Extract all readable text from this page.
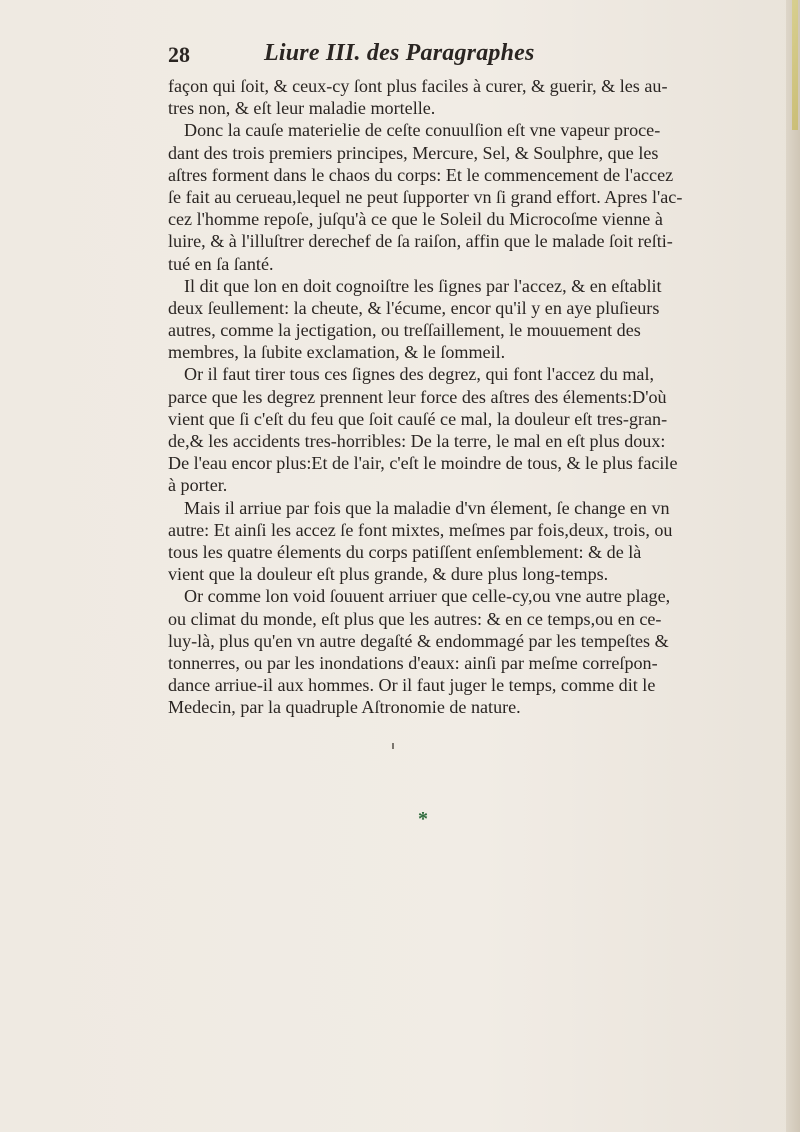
28	Liure III. des Paragraphes
façon qui ſoit, & ceux-cy ſont plus faciles à curer, & guerir, & les au-
tres non, & eſt leur maladie mortelle.
Donc la cauſe materielie de ceſte conuulſion eſt vne vapeur proce-
dant des trois premiers principes, Mercure, Sel, & Soulphre, que les
aſtres forment dans le chaos du corps: Et le commencement de l'accez
ſe fait au cerueau,lequel ne peut ſupporter vn ſi grand effort. Apres l'ac-
cez l'homme repoſe, juſqu'à ce que le Soleil du Microcoſme vienne à
luire, & à l'illuſtrer derechef de ſa raiſon, affin que le malade ſoit reſti-
tué en ſa ſanté.
Il dit que lon en doit cognoiſtre les ſignes par l'accez, & en eſtablit
deux ſeullement: la cheute, & l'écume, encor qu'il y en aye pluſieurs
autres, comme la jectigation, ou treſſaillement, le mouuement des
membres, la ſubite exclamation, & le ſommeil.
Or il faut tirer tous ces ſignes des degrez, qui font l'accez du mal,
parce que les degrez prennent leur force des aſtres des élements:D'où
vient que ſi c'eſt du feu que ſoit cauſé ce mal, la douleur eſt tres-gran-
de,& les accidents tres-horribles: De la terre, le mal en eſt plus doux:
De l'eau encor plus:Et de l'air, c'eſt le moindre de tous, & le plus facile
à porter.
Mais il arriue par fois que la maladie d'vn élement, ſe change en vn
autre: Et ainſi les accez ſe font mixtes, meſmes par fois,deux, trois, ou
tous les quatre élements du corps patiſſent enſemblement: & de là
vient que la douleur eſt plus grande, & dure plus long-temps.
Or comme lon void ſouuent arriuer que celle-cy,ou vne autre plage,
ou climat du monde, eſt plus que les autres: & en ce temps,ou en ce-
luy-là, plus qu'en vn autre degaſté & endommagé par les tempeſtes &
tonnerres, ou par les inondations d'eaux: ainſi par meſme correſpon-
dance arriue-il aux hommes. Or il faut juger le temps, comme dit le
Medecin, par la quadruple Aſtronomie de nature.
*
